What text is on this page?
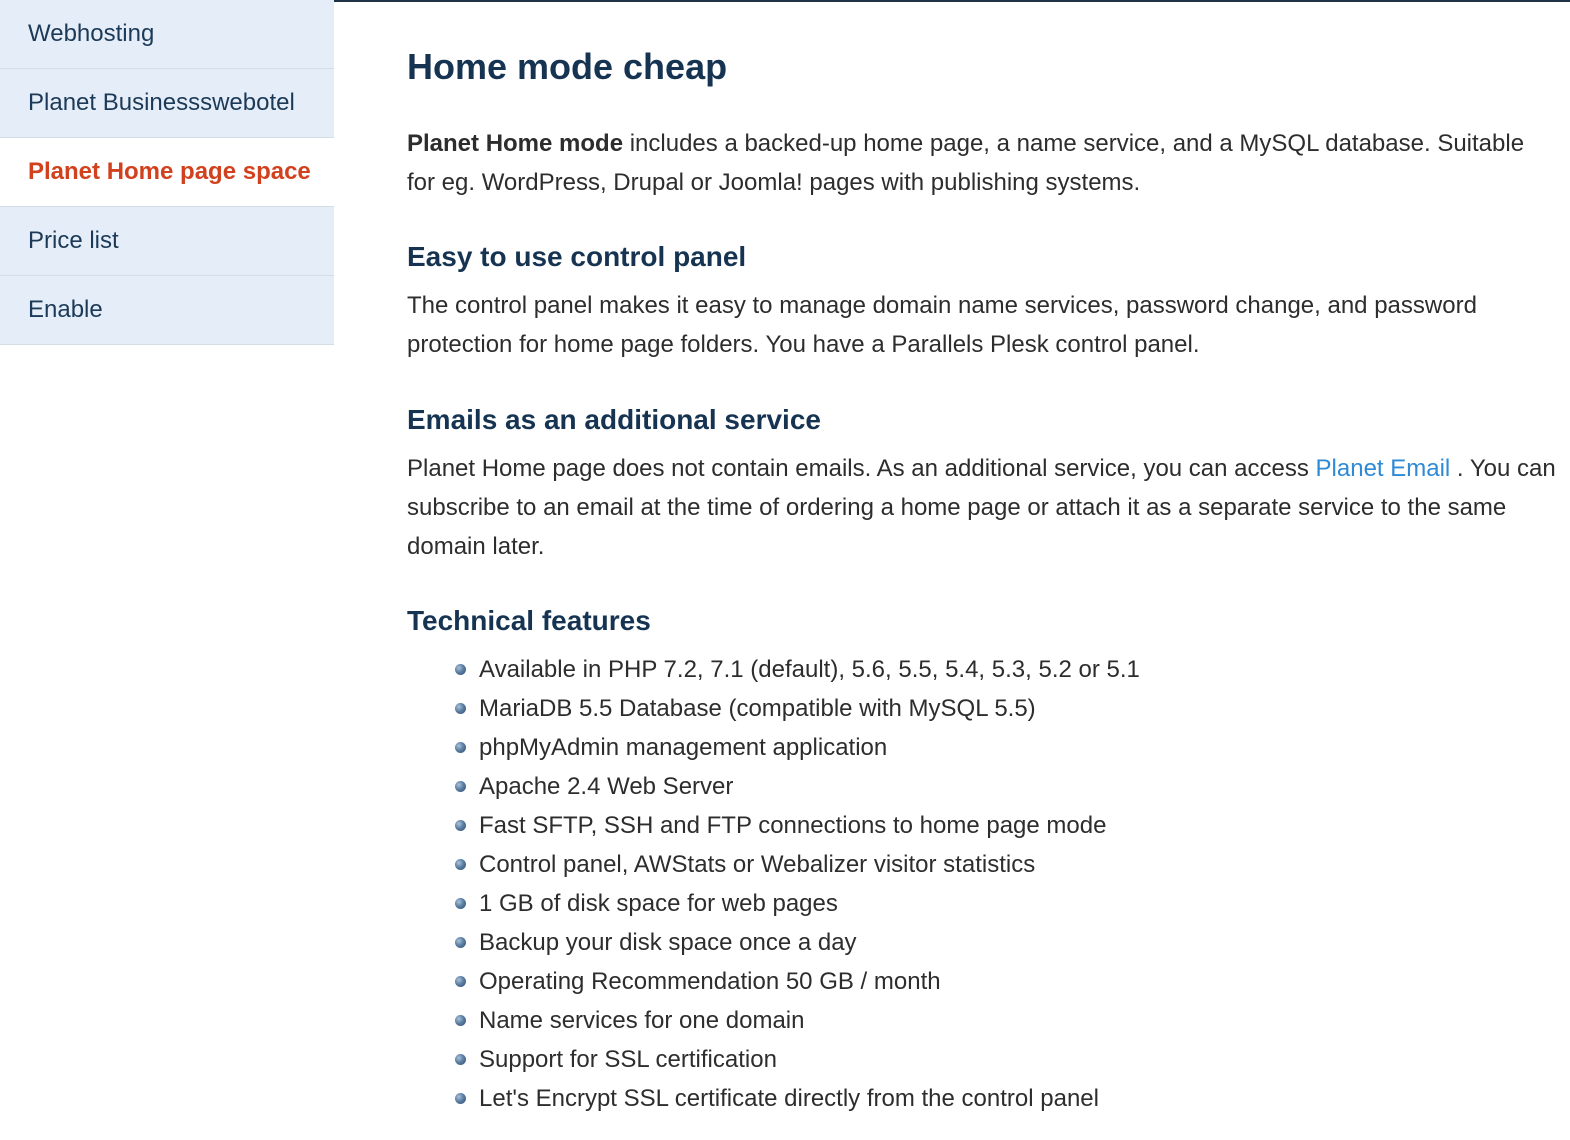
Webhosting
Planet Businessswebotel
Planet Home page space
Price list
Enable
Home mode cheap

Planet Home mode includes a backed-up home page, a name service, and a MySQL database. Suitable for eg. WordPress, Drupal or Joomla! pages with publishing systems.

Easy to use control panel

The control panel makes it easy to manage domain name services, password change, and password protection for home page folders. You have a Parallels Plesk control panel.

Emails as an additional service

Planet Home page does not contain emails. As an additional service, you can access Planet Email . You can subscribe to an email at the time of ordering a home page or attach it as a separate service to the same domain later.

Technical features
Available in PHP 7.2, 7.1 (default), 5.6, 5.5, 5.4, 5.3, 5.2 or 5.1
MariaDB 5.5 Database (compatible with MySQL 5.5)
phpMyAdmin management application
Apache 2.4 Web Server
Fast SFTP, SSH and FTP connections to home page mode
Control panel, AWStats or Webalizer visitor statistics
1 GB of disk space for web pages
Backup your disk space once a day
Operating Recommendation 50 GB / month
Name services for one domain
Support for SSL certification
Let's Encrypt SSL certificate directly from the control panel
